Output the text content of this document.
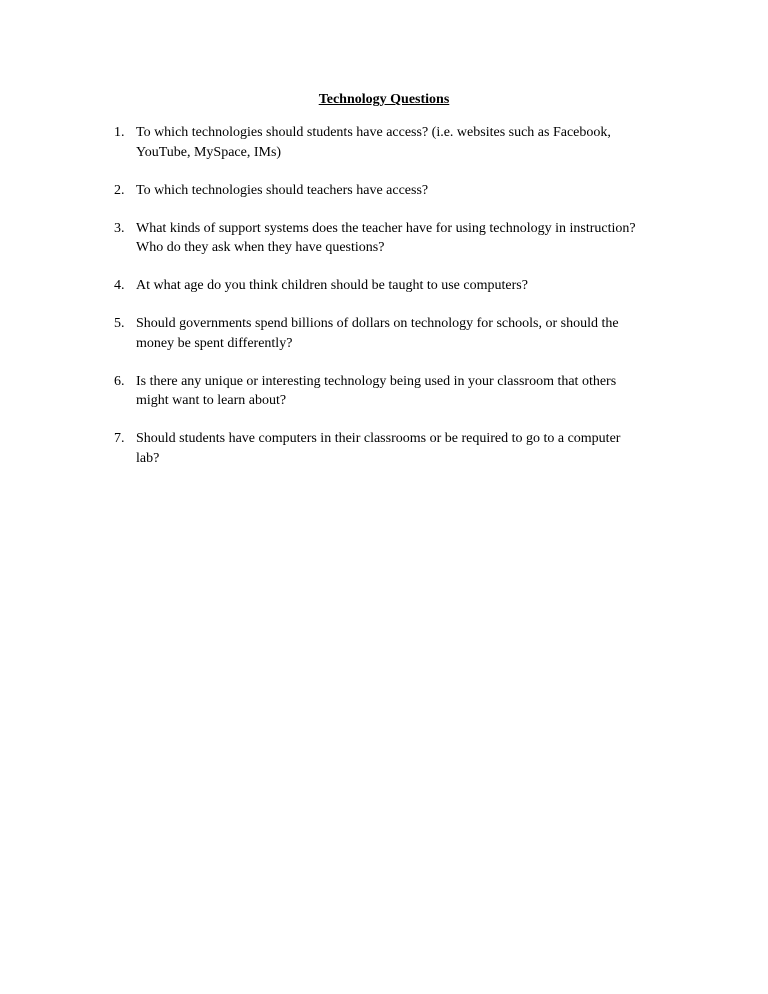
Technology Questions
1. To which technologies should students have access? (i.e. websites such as Facebook,
YouTube, MySpace, IMs)
2. To which technologies should teachers have access?
3. What kinds of support systems does the teacher have for using technology in instruction?
Who do they ask when they have questions?
4. At what age do you think children should be taught to use computers?
5. Should governments spend billions of dollars on technology for schools, or should the
money be spent differently?
6. Is there any unique or interesting technology being used in your classroom that others
might want to learn about?
7. Should students have computers in their classrooms or be required to go to a computer
lab?
